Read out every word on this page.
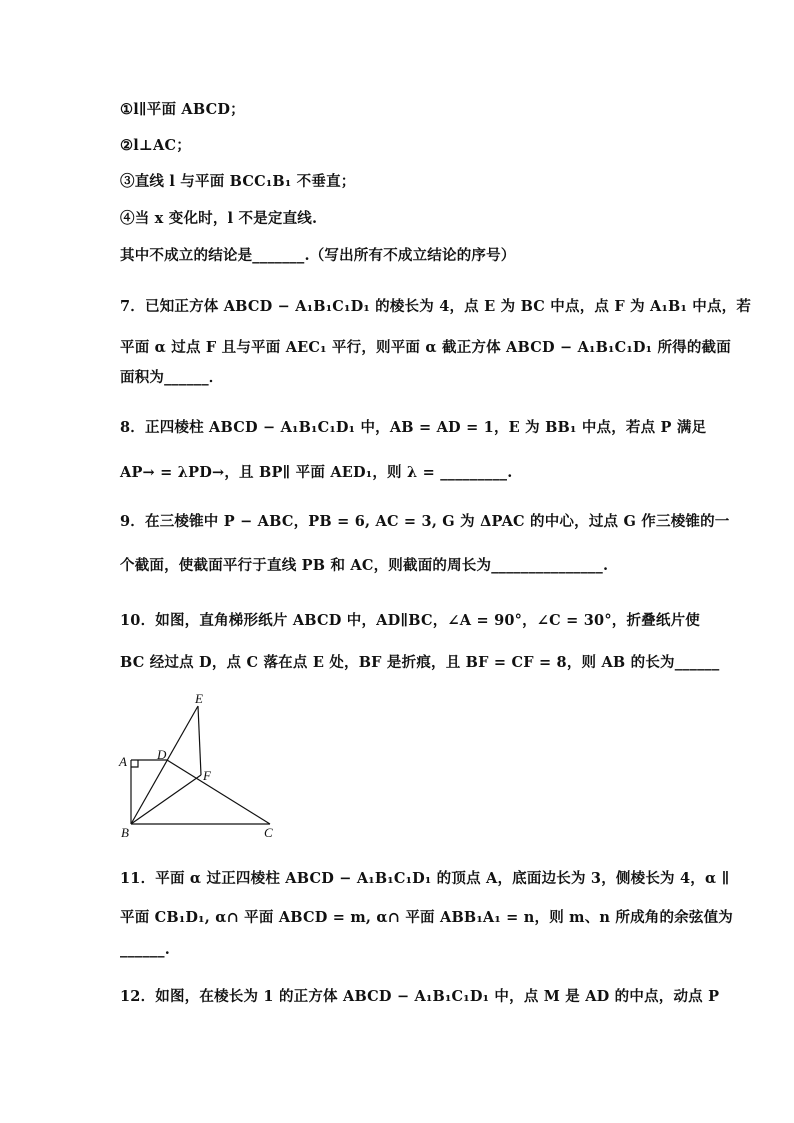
①l∥平面 ABCD；
②l⊥AC；
③直线 l 与平面 BCC₁B₁ 不垂直；
④当 x 变化时，l 不是定直线.
其中不成立的结论是_______.（写出所有不成立结论的序号）
7．已知正方体 ABCD − A₁B₁C₁D₁ 的棱长为 4，点 E 为 BC 中点，点 F 为 A₁B₁ 中点，若
平面 α 过点 F 且与平面 AEC₁ 平行，则平面 α 截正方体 ABCD − A₁B₁C₁D₁ 所得的截面
面积为______．
8．正四棱柱 ABCD − A₁B₁C₁D₁ 中，AB = AD = 1，E 为 BB₁ 中点，若点 P 满足
AP→ = λPD→，且 BP∥ 平面 AED₁，则 λ = _________.
9．在三棱锥中 P − ABC，PB = 6, AC = 3, G 为 ΔPAC 的中心，过点 G 作三棱锥的一
个截面，使截面平行于直线 PB 和 AC，则截面的周长为_______________.
10．如图，直角梯形纸片 ABCD 中，AD∥BC，∠A = 90°，∠C = 30°，折叠纸片使
BC 经过点 D，点 C 落在点 E 处，BF 是折痕，且 BF = CF = 8，则 AB 的长为______
A
B	C
D
E
F
11．平面 α 过正四棱柱 ABCD − A₁B₁C₁D₁ 的顶点 A，底面边长为 3，侧棱长为 4，α ∥
平面 CB₁D₁, α∩ 平面 ABCD = m, α∩ 平面 ABB₁A₁ = n，则 m、n 所成角的余弦值为
______.
12．如图，在棱长为 1 的正方体 ABCD − A₁B₁C₁D₁ 中，点 M 是 AD 的中点，动点 P
